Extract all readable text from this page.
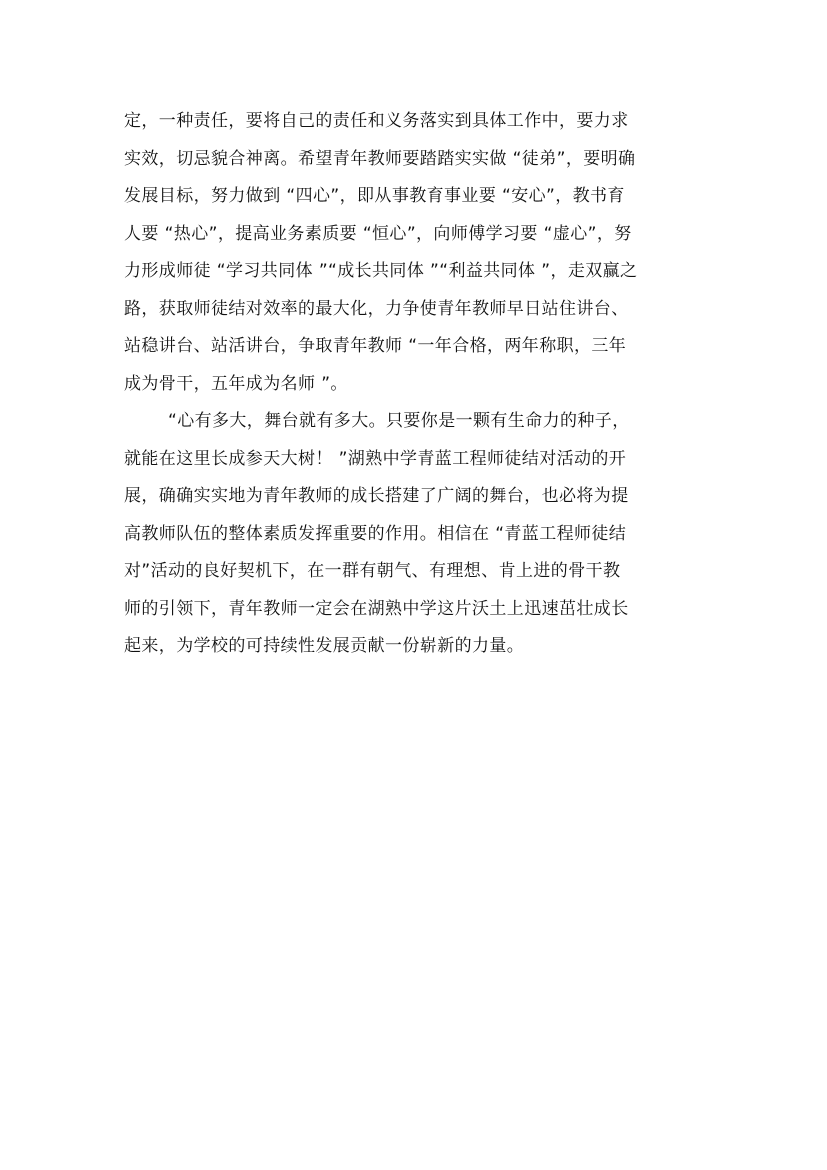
定，一种责任，要将自己的责任和义务落实到具体工作中，要力求
实效，切忌貌合神离。希望青年教师要踏踏实实做 “徒弟”，要明确
发展目标，努力做到 “四心”，即从事教育事业要 “安心”，教书育
人要 “热心”，提高业务素质要 “恒心”，向师傅学习要 “虚心”，努
力形成师徒 “学习共同体 ”“成长共同体 ”“利益共同体 ”，走双赢之
路，获取师徒结对效率的最大化，力争使青年教师早日站住讲台、
站稳讲台、站活讲台，争取青年教师 “一年合格，两年称职，三年
成为骨干，五年成为名师 ”。
“心有多大，舞台就有多大。只要你是一颗有生命力的种子，
就能在这里长成参天大树！ ”湖熟中学青蓝工程师徒结对活动的开
展，确确实实地为青年教师的成长搭建了广阔的舞台，也必将为提
高教师队伍的整体素质发挥重要的作用。相信在 “青蓝工程师徒结
对”活动的良好契机下，在一群有朝气、有理想、肯上进的骨干教
师的引领下，青年教师一定会在湖熟中学这片沃土上迅速茁壮成长
起来，为学校的可持续性发展贡献一份崭新的力量。
